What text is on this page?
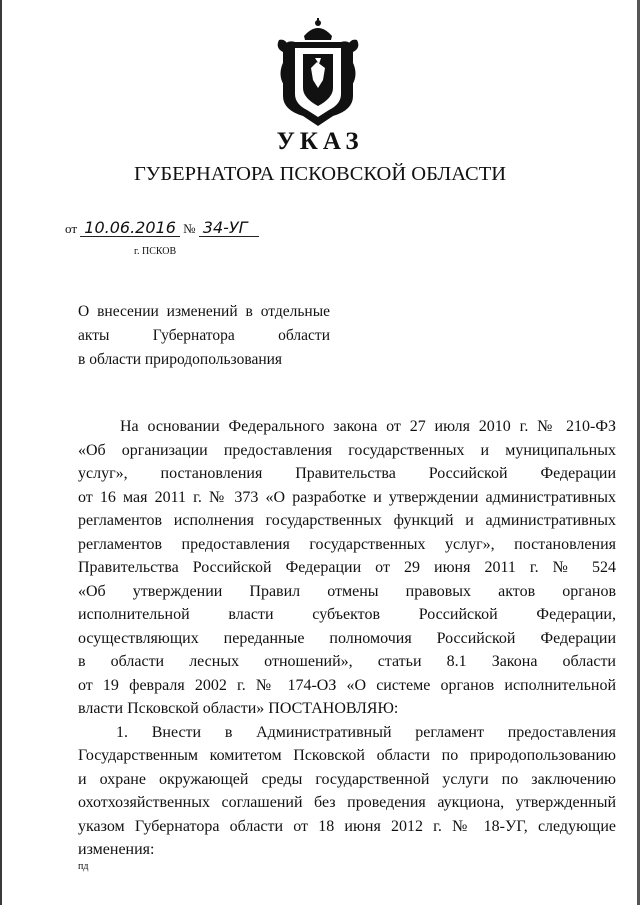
УКАЗ
ГУБЕРНАТОРА ПСКОВСКОЙ ОБЛАСТИ
от 10.06.2016 № 34-УГ
г. ПСКОВ
О внесении изменений в отдельные
акты Губернатора области
в области природопользования
На основании Федерального закона от 27 июля 2010 г. № 210-ФЗ
«Об организации предоставления государственных и муниципальных
услуг», постановления Правительства Российской Федерации
от 16 мая 2011 г. № 373 «О разработке и утверждении административных
регламентов исполнения государственных функций и административных
регламентов предоставления государственных услуг», постановления
Правительства Российской Федерации от 29 июня 2011 г. № 524
«Об утверждении Правил отмены правовых актов органов
исполнительной власти субъектов Российской Федерации,
осуществляющих переданные полномочия Российской Федерации
в области лесных отношений», статьи 8.1 Закона области
от 19 февраля 2002 г. № 174-ОЗ «О системе органов исполнительной
власти Псковской области» ПОСТАНОВЛЯЮ:
1. Внести в Административный регламент предоставления
Государственным комитетом Псковской области по природопользованию
и охране окружающей среды государственной услуги по заключению
охотхозяйственных соглашений без проведения аукциона, утвержденный
указом Губернатора области от 18 июня 2012 г. № 18-УГ, следующие
изменения:
пд
